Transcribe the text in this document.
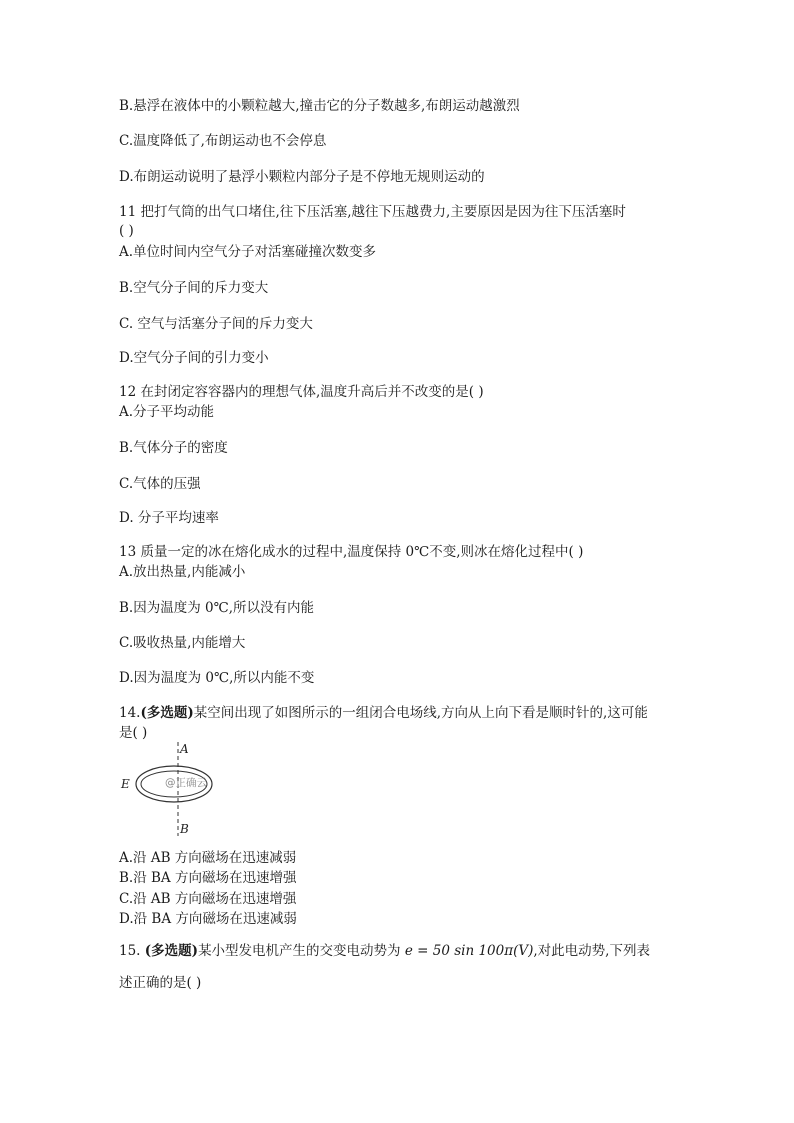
B.悬浮在液体中的小颗粒越大,撞击它的分子数越多,布朗运动越激烈
C.温度降低了,布朗运动也不会停息
D.布朗运动说明了悬浮小颗粒内部分子是不停地无规则运动的
11 把打气筒的出气口堵住,往下压活塞,越往下压越费力,主要原因是因为往下压活塞时
( )
A.单位时间内空气分子对活塞碰撞次数变多
B.空气分子间的斥力变大
C. 空气与活塞分子间的斥力变大
D.空气分子间的引力变小
12 在封闭定容容器内的理想气体,温度升高后并不改变的是( )
A.分子平均动能
B.气体分子的密度
C.气体的压强
D. 分子平均速率
13 质量一定的冰在熔化成水的过程中,温度保持 0℃不变,则冰在熔化过程中( )
A.放出热量,内能减小
B.因为温度为 0℃,所以没有内能
C.吸收热量,内能增大
D.因为温度为 0℃,所以内能不变
14.(多选题)某空间出现了如图所示的一组闭合电场线,方向从上向下看是顺时针的,这可能
是( )
A
E
B
@正确云
A.沿 AB 方向磁场在迅速减弱
B.沿 BA 方向磁场在迅速增强
C.沿 AB 方向磁场在迅速增强
D.沿 BA 方向磁场在迅速减弱
15. (多选题)某小型发电机产生的交变电动势为 e = 50 sin 100π(V),对此电动势,下列表
述正确的是( )
